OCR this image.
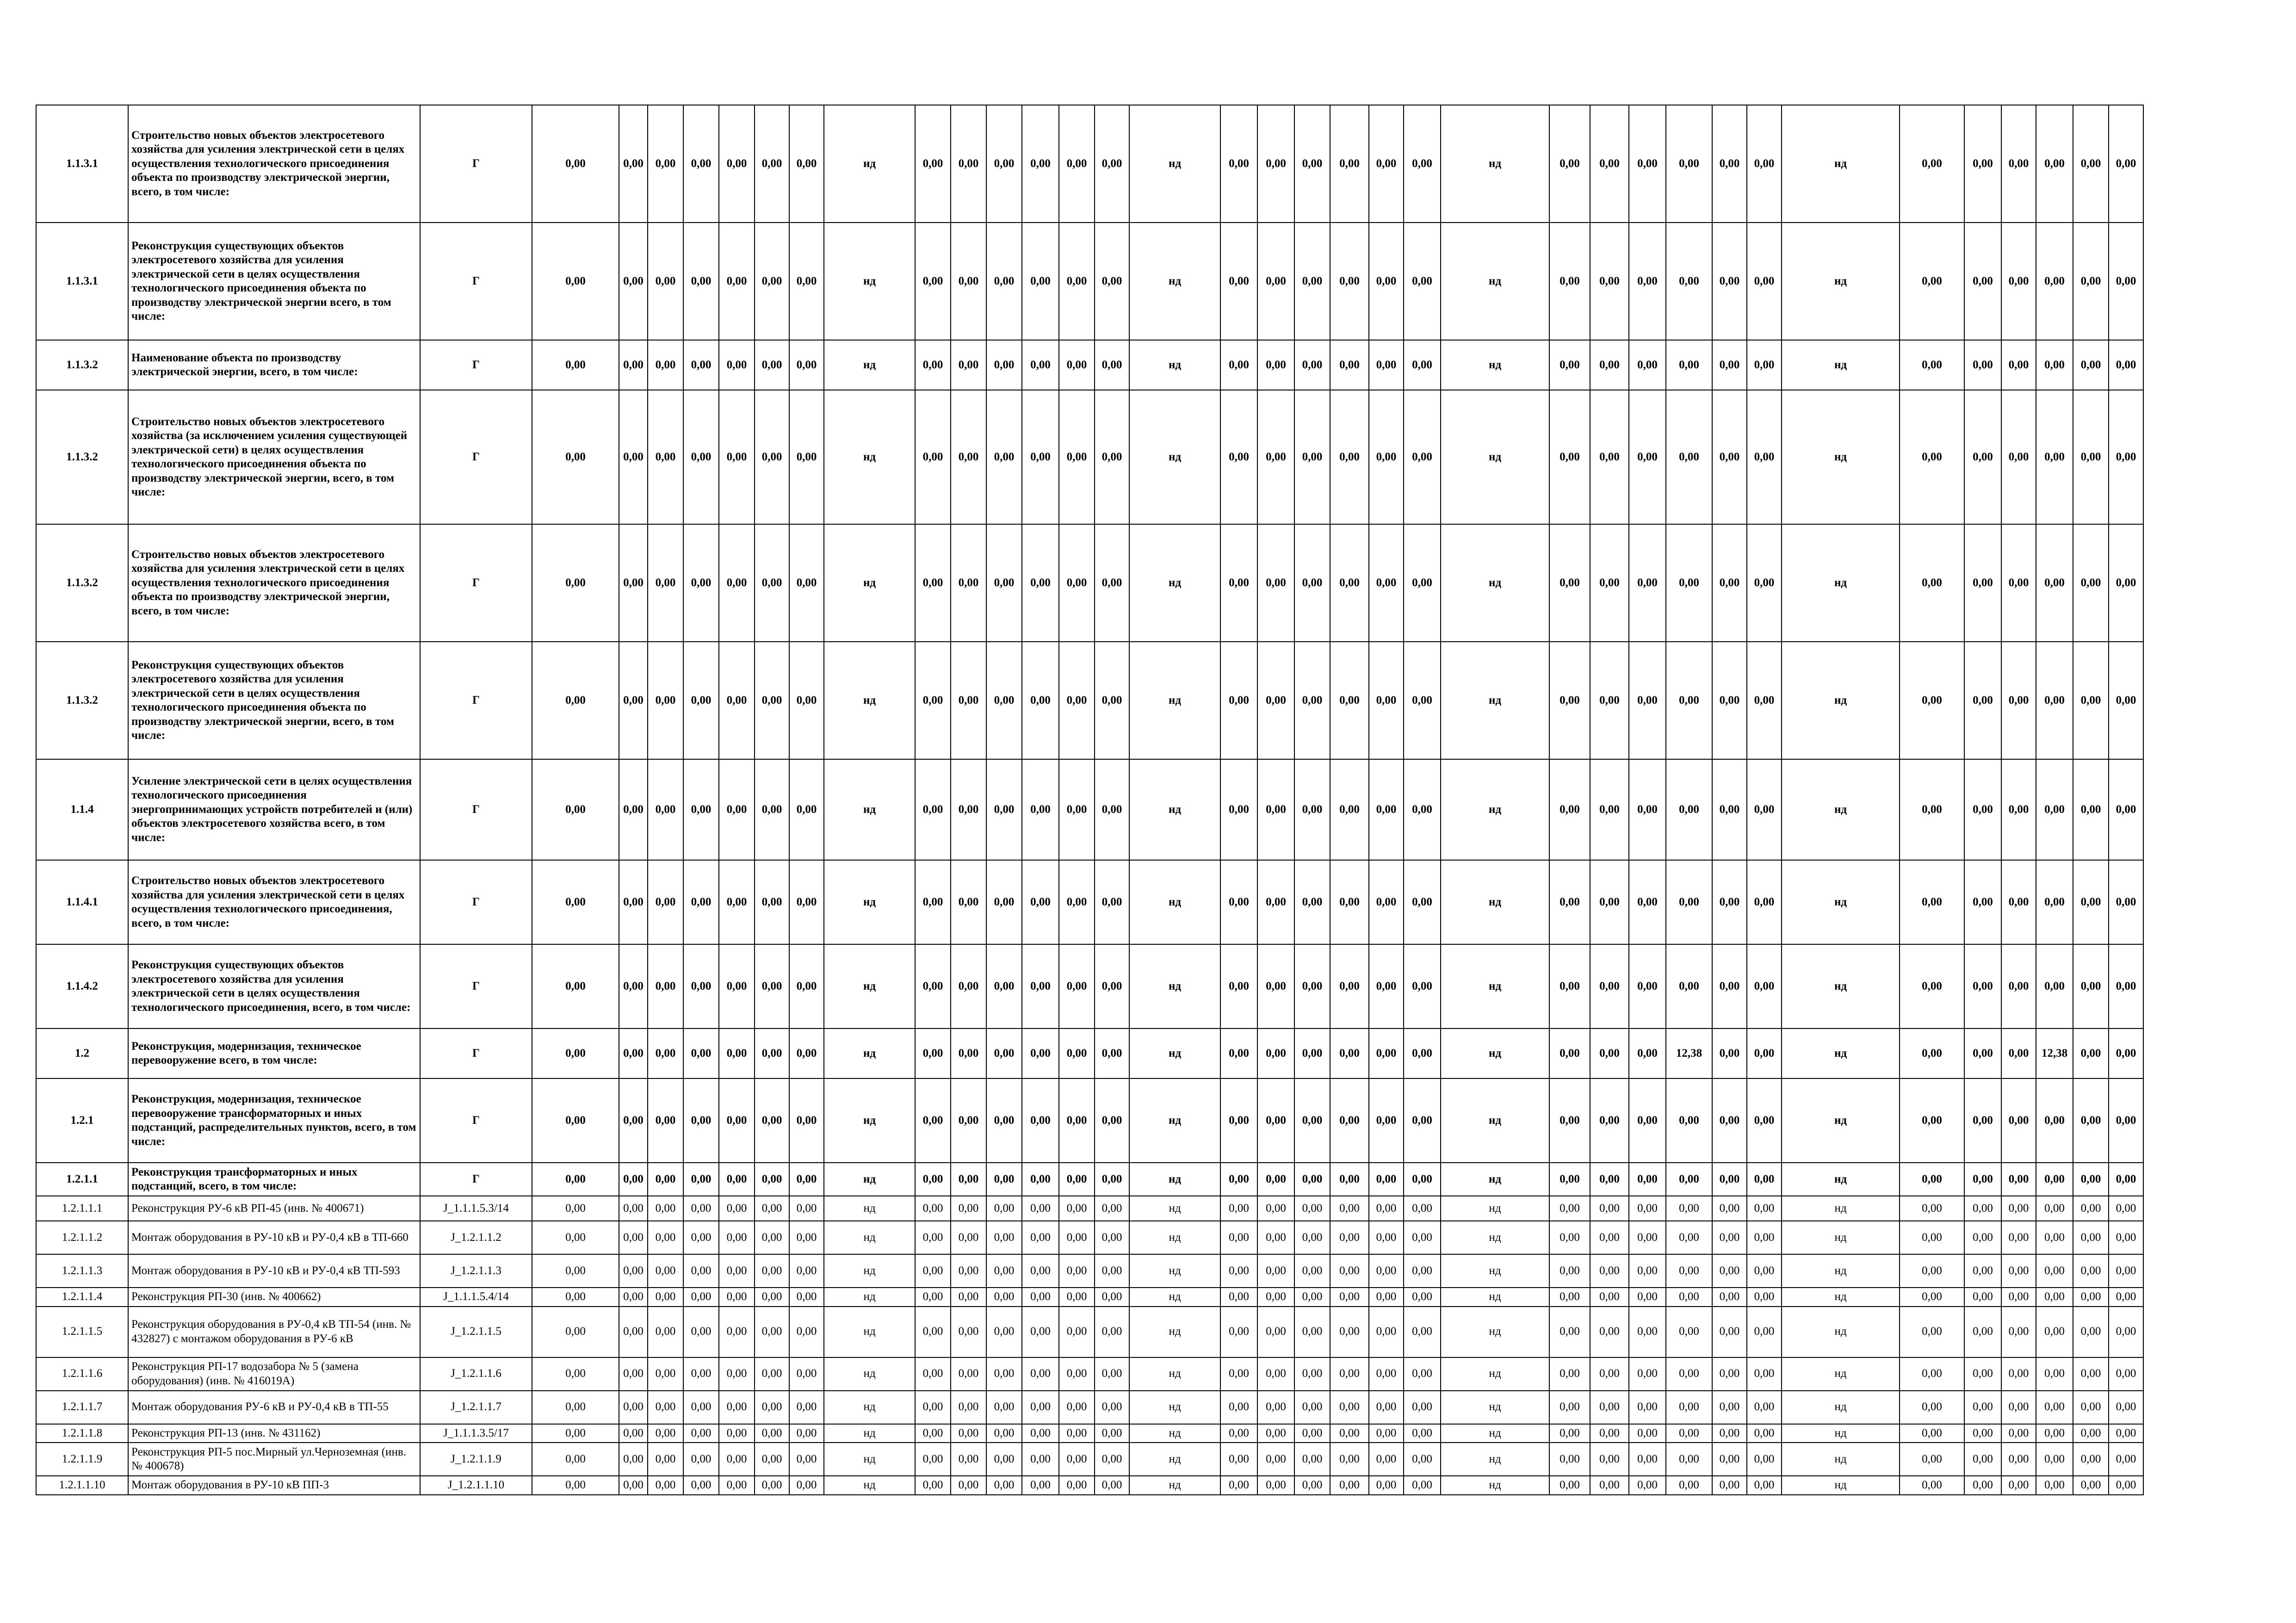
1.1.3.1	Строительство новых объектов электросетевого хозяйства для усиления электрической сети в целях осуществления технологического присоединения объекта по производству электрической энергии, всего, в том числе:	Г	0,00	0,00	0,00	0,00	0,00	0,00	0,00	нд	0,00	0,00	0,00	0,00	0,00	0,00	нд	0,00	0,00	0,00	0,00	0,00	0,00	нд	0,00	0,00	0,00	0,00	0,00	0,00	нд	0,00	0,00	0,00	0,00	0,00	0,00
1.1.3.1	Реконструкция существующих объектов электросетевого хозяйства для усиления электрической сети в целях осуществления технологического присоединения объекта по производству электрической энергии всего, в том числе:	Г	0,00	0,00	0,00	0,00	0,00	0,00	0,00	нд	0,00	0,00	0,00	0,00	0,00	0,00	нд	0,00	0,00	0,00	0,00	0,00	0,00	нд	0,00	0,00	0,00	0,00	0,00	0,00	нд	0,00	0,00	0,00	0,00	0,00	0,00
1.1.3.2	Наименование объекта по производству электрической энергии, всего, в том числе:	Г	0,00	0,00	0,00	0,00	0,00	0,00	0,00	нд	0,00	0,00	0,00	0,00	0,00	0,00	нд	0,00	0,00	0,00	0,00	0,00	0,00	нд	0,00	0,00	0,00	0,00	0,00	0,00	нд	0,00	0,00	0,00	0,00	0,00	0,00
1.1.3.2	Строительство новых объектов электросетевого хозяйства (за исключением усиления существующей электрической сети) в целях осуществления технологического присоединения объекта по производству электрической энергии, всего, в том числе:	Г	0,00	0,00	0,00	0,00	0,00	0,00	0,00	нд	0,00	0,00	0,00	0,00	0,00	0,00	нд	0,00	0,00	0,00	0,00	0,00	0,00	нд	0,00	0,00	0,00	0,00	0,00	0,00	нд	0,00	0,00	0,00	0,00	0,00	0,00
1.1.3.2	Строительство новых объектов электросетевого хозяйства для усиления электрической сети в целях осуществления технологического присоединения объекта по производству электрической энергии, всего, в том числе:	Г	0,00	0,00	0,00	0,00	0,00	0,00	0,00	нд	0,00	0,00	0,00	0,00	0,00	0,00	нд	0,00	0,00	0,00	0,00	0,00	0,00	нд	0,00	0,00	0,00	0,00	0,00	0,00	нд	0,00	0,00	0,00	0,00	0,00	0,00
1.1.3.2	Реконструкция существующих объектов электросетевого хозяйства для усиления электрической сети в целях осуществления технологического присоединения объекта по производству электрической энергии, всего, в том числе:	Г	0,00	0,00	0,00	0,00	0,00	0,00	0,00	нд	0,00	0,00	0,00	0,00	0,00	0,00	нд	0,00	0,00	0,00	0,00	0,00	0,00	нд	0,00	0,00	0,00	0,00	0,00	0,00	нд	0,00	0,00	0,00	0,00	0,00	0,00
1.1.4	Усиление электрической сети в целях осуществления технологического присоединения энергопринимающих устройств потребителей и (или) объектов электросетевого хозяйства всего, в том числе:	Г	0,00	0,00	0,00	0,00	0,00	0,00	0,00	нд	0,00	0,00	0,00	0,00	0,00	0,00	нд	0,00	0,00	0,00	0,00	0,00	0,00	нд	0,00	0,00	0,00	0,00	0,00	0,00	нд	0,00	0,00	0,00	0,00	0,00	0,00
1.1.4.1	Строительство новых объектов электросетевого хозяйства для усиления электрической сети в целях осуществления технологического присоединения, всего, в том числе:	Г	0,00	0,00	0,00	0,00	0,00	0,00	0,00	нд	0,00	0,00	0,00	0,00	0,00	0,00	нд	0,00	0,00	0,00	0,00	0,00	0,00	нд	0,00	0,00	0,00	0,00	0,00	0,00	нд	0,00	0,00	0,00	0,00	0,00	0,00
1.1.4.2	Реконструкция существующих объектов электросетевого хозяйства для усиления электрической сети в целях осуществления технологического присоединения, всего, в том числе:	Г	0,00	0,00	0,00	0,00	0,00	0,00	0,00	нд	0,00	0,00	0,00	0,00	0,00	0,00	нд	0,00	0,00	0,00	0,00	0,00	0,00	нд	0,00	0,00	0,00	0,00	0,00	0,00	нд	0,00	0,00	0,00	0,00	0,00	0,00
1.2	Реконструкция, модернизация, техническое перевооружение всего, в том числе:	Г	0,00	0,00	0,00	0,00	0,00	0,00	0,00	нд	0,00	0,00	0,00	0,00	0,00	0,00	нд	0,00	0,00	0,00	0,00	0,00	0,00	нд	0,00	0,00	0,00	12,38	0,00	0,00	нд	0,00	0,00	0,00	12,38	0,00	0,00
1.2.1	Реконструкция, модернизация, техническое перевооружение трансформаторных и иных подстанций, распределительных пунктов, всего, в том числе:	Г	0,00	0,00	0,00	0,00	0,00	0,00	0,00	нд	0,00	0,00	0,00	0,00	0,00	0,00	нд	0,00	0,00	0,00	0,00	0,00	0,00	нд	0,00	0,00	0,00	0,00	0,00	0,00	нд	0,00	0,00	0,00	0,00	0,00	0,00
1.2.1.1	Реконструкция трансформаторных и иных подстанций, всего, в том числе:	Г	0,00	0,00	0,00	0,00	0,00	0,00	0,00	нд	0,00	0,00	0,00	0,00	0,00	0,00	нд	0,00	0,00	0,00	0,00	0,00	0,00	нд	0,00	0,00	0,00	0,00	0,00	0,00	нд	0,00	0,00	0,00	0,00	0,00	0,00
1.2.1.1.1	Реконструкция РУ-6 кВ РП-45 (инв. № 400671)	J_1.1.1.5.3/14	0,00	0,00	0,00	0,00	0,00	0,00	0,00	нд	0,00	0,00	0,00	0,00	0,00	0,00	нд	0,00	0,00	0,00	0,00	0,00	0,00	нд	0,00	0,00	0,00	0,00	0,00	0,00	нд	0,00	0,00	0,00	0,00	0,00	0,00
1.2.1.1.2	Монтаж оборудования в РУ-10 кВ и РУ-0,4 кВ в ТП-660	J_1.2.1.1.2	0,00	0,00	0,00	0,00	0,00	0,00	0,00	нд	0,00	0,00	0,00	0,00	0,00	0,00	нд	0,00	0,00	0,00	0,00	0,00	0,00	нд	0,00	0,00	0,00	0,00	0,00	0,00	нд	0,00	0,00	0,00	0,00	0,00	0,00
1.2.1.1.3	Монтаж оборудования в РУ-10 кВ и РУ-0,4 кВ ТП-593	J_1.2.1.1.3	0,00	0,00	0,00	0,00	0,00	0,00	0,00	нд	0,00	0,00	0,00	0,00	0,00	0,00	нд	0,00	0,00	0,00	0,00	0,00	0,00	нд	0,00	0,00	0,00	0,00	0,00	0,00	нд	0,00	0,00	0,00	0,00	0,00	0,00
1.2.1.1.4	Реконструкция РП-30 (инв. № 400662)	J_1.1.1.5.4/14	0,00	0,00	0,00	0,00	0,00	0,00	0,00	нд	0,00	0,00	0,00	0,00	0,00	0,00	нд	0,00	0,00	0,00	0,00	0,00	0,00	нд	0,00	0,00	0,00	0,00	0,00	0,00	нд	0,00	0,00	0,00	0,00	0,00	0,00
1.2.1.1.5	Реконструкция оборудования в РУ-0,4 кВ ТП-54 (инв. № 432827) с монтажом оборудования в РУ-6 кВ	J_1.2.1.1.5	0,00	0,00	0,00	0,00	0,00	0,00	0,00	нд	0,00	0,00	0,00	0,00	0,00	0,00	нд	0,00	0,00	0,00	0,00	0,00	0,00	нд	0,00	0,00	0,00	0,00	0,00	0,00	нд	0,00	0,00	0,00	0,00	0,00	0,00
1.2.1.1.6	Реконструкция РП-17 водозабора № 5 (замена оборудования) (инв. № 416019А)	J_1.2.1.1.6	0,00	0,00	0,00	0,00	0,00	0,00	0,00	нд	0,00	0,00	0,00	0,00	0,00	0,00	нд	0,00	0,00	0,00	0,00	0,00	0,00	нд	0,00	0,00	0,00	0,00	0,00	0,00	нд	0,00	0,00	0,00	0,00	0,00	0,00
1.2.1.1.7	Монтаж оборудования РУ-6 кВ и РУ-0,4 кВ в ТП-55	J_1.2.1.1.7	0,00	0,00	0,00	0,00	0,00	0,00	0,00	нд	0,00	0,00	0,00	0,00	0,00	0,00	нд	0,00	0,00	0,00	0,00	0,00	0,00	нд	0,00	0,00	0,00	0,00	0,00	0,00	нд	0,00	0,00	0,00	0,00	0,00	0,00
1.2.1.1.8	Реконструкция РП-13 (инв. № 431162)	J_1.1.1.3.5/17	0,00	0,00	0,00	0,00	0,00	0,00	0,00	нд	0,00	0,00	0,00	0,00	0,00	0,00	нд	0,00	0,00	0,00	0,00	0,00	0,00	нд	0,00	0,00	0,00	0,00	0,00	0,00	нд	0,00	0,00	0,00	0,00	0,00	0,00
1.2.1.1.9	Реконструкция РП-5 пос.Мирный ул.Черноземная (инв. № 400678)	J_1.2.1.1.9	0,00	0,00	0,00	0,00	0,00	0,00	0,00	нд	0,00	0,00	0,00	0,00	0,00	0,00	нд	0,00	0,00	0,00	0,00	0,00	0,00	нд	0,00	0,00	0,00	0,00	0,00	0,00	нд	0,00	0,00	0,00	0,00	0,00	0,00
1.2.1.1.10	Монтаж оборудования в РУ-10 кВ ПП-3	J_1.2.1.1.10	0,00	0,00	0,00	0,00	0,00	0,00	0,00	нд	0,00	0,00	0,00	0,00	0,00	0,00	нд	0,00	0,00	0,00	0,00	0,00	0,00	нд	0,00	0,00	0,00	0,00	0,00	0,00	нд	0,00	0,00	0,00	0,00	0,00	0,00
